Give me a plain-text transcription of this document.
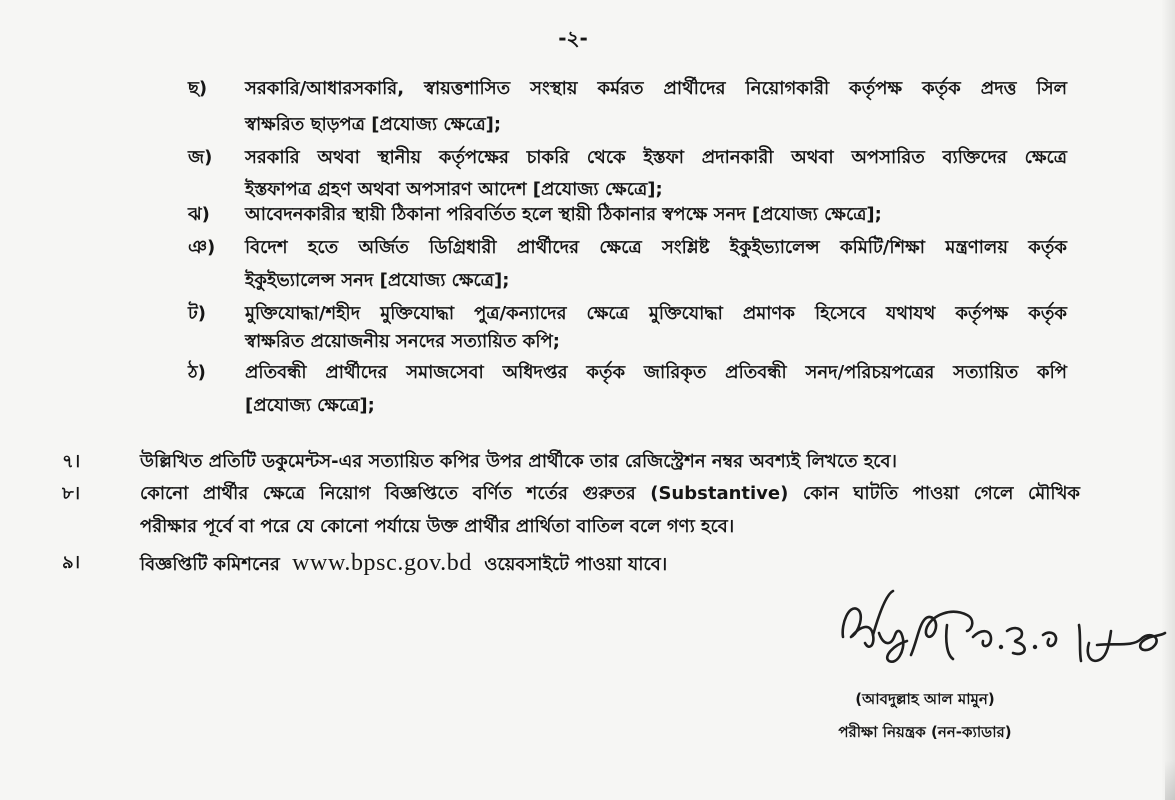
-২-
ছ) সরকারি/আধারসকারি, স্বায়ত্তশাসিত সংস্থায় কর্মরত প্রার্থীদের নিয়োগকারী কর্তৃপক্ষ কর্তৃক প্রদত্ত সিল
স্বাক্ষরিত ছাড়পত্র [প্রযোজ্য ক্ষেত্রে];
জ) সরকারি অথবা স্থানীয় কর্তৃপক্ষের চাকরি থেকে ইস্তফা প্রদানকারী অথবা অপসারিত ব্যক্তিদের ক্ষেত্রে
ইস্তফাপত্র গ্রহণ অথবা অপসারণ আদেশ [প্রযোজ্য ক্ষেত্রে];
ঝ) আবেদনকারীর স্থায়ী ঠিকানা পরিবর্তিত হলে স্থায়ী ঠিকানার স্বপক্ষে সনদ [প্রযোজ্য ক্ষেত্রে];
ঞ) বিদেশ হতে অর্জিত ডিগ্রিধারী প্রার্থীদের ক্ষেত্রে সংশ্লিষ্ট ইকুইভ্যালেন্স কমিটি/শিক্ষা মন্ত্রণালয় কর্তৃক
ইকুইভ্যালেন্স সনদ [প্রযোজ্য ক্ষেত্রে];
ট) মুক্তিযোদ্ধা/শহীদ মুক্তিযোদ্ধা পুত্র/কন্যাদের ক্ষেত্রে মুক্তিযোদ্ধা প্রমাণক হিসেবে যথাযথ কর্তৃপক্ষ কর্তৃক
স্বাক্ষরিত প্রয়োজনীয় সনদের সত্যায়িত কপি;
ঠ) প্রতিবন্ধী প্রার্থীদের সমাজসেবা অধিদপ্তর কর্তৃক জারিকৃত প্রতিবন্ধী সনদ/পরিচয়পত্রের সত্যায়িত কপি
[প্রযোজ্য ক্ষেত্রে];
৭।	উল্লিখিত প্রতিটি ডকুমেন্টস-এর সত্যায়িত কপির উপর প্রার্থীকে তার রেজিস্ট্রেশন নম্বর অবশ্যই লিখতে হবে।
৮।	কোনো প্রার্থীর ক্ষেত্রে নিয়োগ বিজ্ঞপ্তিতে বর্ণিত শর্তের গুরুতর (Substantive) কোন ঘাটতি পাওয়া গেলে মৌখিক
পরীক্ষার পূর্বে বা পরে যে কোনো পর্যায়ে উক্ত প্রার্থীর প্রার্থিতা বাতিল বলে গণ্য হবে।
৯।	বিজ্ঞপ্তিটি কমিশনের www.bpsc.gov.bd ওয়েবসাইটে পাওয়া যাবে।
(আবদুল্লাহ আল মামুন)
পরীক্ষা নিয়ন্ত্রক (নন-ক্যাডার)
